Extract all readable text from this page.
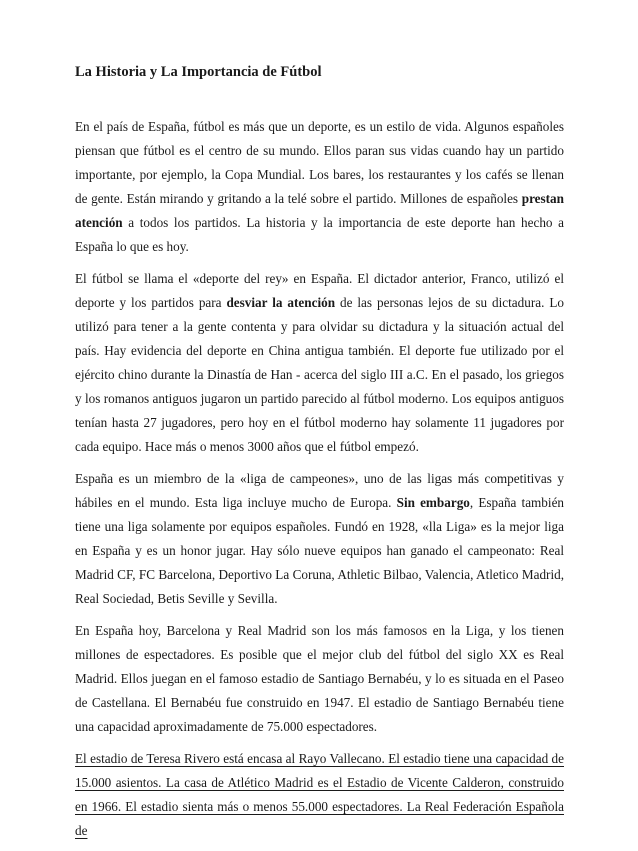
La Historia y La Importancia de Fútbol

En el país de España, fútbol es más que un deporte, es un estilo de vida. Algunos españoles piensan que fútbol es el centro de su mundo. Ellos paran sus vidas cuando hay un partido importante, por ejemplo, la Copa Mundial. Los bares, los restaurantes y los cafés se llenan de gente. Están mirando y gritando a la telé sobre el partido. Millones de españoles prestan atención a todos los partidos. La historia y la importancia de este deporte han hecho a España lo que es hoy.

El fútbol se llama el «deporte del rey» en España. El dictador anterior, Franco, utilizó el deporte y los partidos para desviar la atención de las personas lejos de su dictadura. Lo utilizó para tener a la gente contenta y para olvidar su dictadura y la situación actual del país. Hay evidencia del deporte en China antigua también. El deporte fue utilizado por el ejército chino durante la Dinastía de Han - acerca del siglo III a.C. En el pasado, los griegos y los romanos antiguos jugaron un partido parecido al fútbol moderno. Los equipos antiguos tenían hasta 27 jugadores, pero hoy en el fútbol moderno hay solamente 11 jugadores por cada equipo. Hace más o menos 3000 años que el fútbol empezó.

España es un miembro de la «liga de campeones», uno de las ligas más competitivas y hábiles en el mundo. Esta liga incluye mucho de Europa. Sin embargo, España también tiene una liga solamente por equipos españoles. Fundó en 1928, «lla Liga» es la mejor liga en España y es un honor jugar. Hay sólo nueve equipos han ganado el campeonato: Real Madrid CF, FC Barcelona, Deportivo La Coruna, Athletic Bilbao, Valencia, Atletico Madrid, Real Sociedad, Betis Seville y Sevilla.

En España hoy, Barcelona y Real Madrid son los más famosos en la Liga, y los tienen millones de espectadores. Es posible que el mejor club del fútbol del siglo XX es Real Madrid. Ellos juegan en el famoso estadio de Santiago Bernabéu, y lo es situada en el Paseo de Castellana. El Bernabéu fue construido en 1947. El estadio de Santiago Bernabéu tiene una capacidad aproximadamente de 75.000 espectadores.

El estadio de Teresa Rivero está encasa al Rayo Vallecano. El estadio tiene una capacidad de 15.000 asientos. La casa de Atlético Madrid es el Estadio de Vicente Calderon, construido en 1966. El estadio sienta más o menos 55.000 espectadores. La Real Federación Española de
